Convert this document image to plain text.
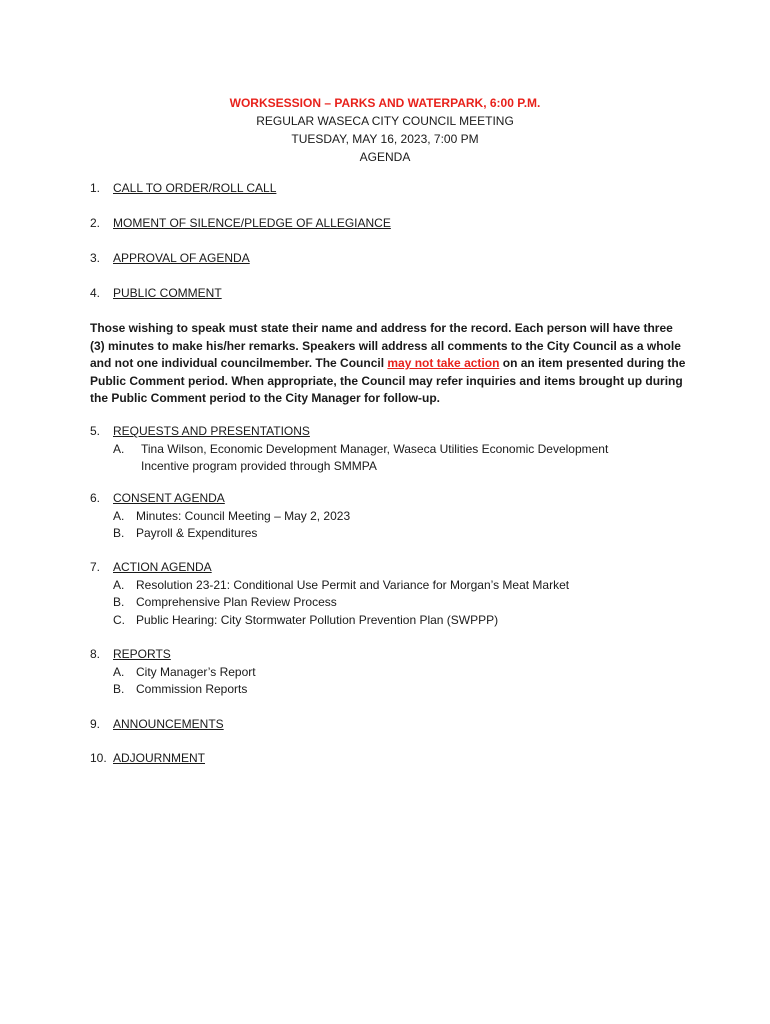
WORKSESSION – PARKS AND WATERPARK, 6:00 P.M.
REGULAR WASECA CITY COUNCIL MEETING
TUESDAY, MAY 16, 2023, 7:00 PM
AGENDA
1. CALL TO ORDER/ROLL CALL
2. MOMENT OF SILENCE/PLEDGE OF ALLEGIANCE
3. APPROVAL OF AGENDA
4. PUBLIC COMMENT
Those wishing to speak must state their name and address for the record. Each person will have three (3) minutes to make his/her remarks. Speakers will address all comments to the City Council as a whole and not one individual councilmember. The Council may not take action on an item presented during the Public Comment period. When appropriate, the Council may refer inquiries and items brought up during the Public Comment period to the City Manager for follow-up.
5. REQUESTS AND PRESENTATIONS
A. Tina Wilson, Economic Development Manager, Waseca Utilities Economic Development
Incentive program provided through SMMPA
6. CONSENT AGENDA
A. Minutes: Council Meeting – May 2, 2023
B. Payroll & Expenditures
7. ACTION AGENDA
A. Resolution 23-21: Conditional Use Permit and Variance for Morgan’s Meat Market
B. Comprehensive Plan Review Process
C. Public Hearing: City Stormwater Pollution Prevention Plan (SWPPP)
8. REPORTS
A. City Manager’s Report
B. Commission Reports
9. ANNOUNCEMENTS
10. ADJOURNMENT
